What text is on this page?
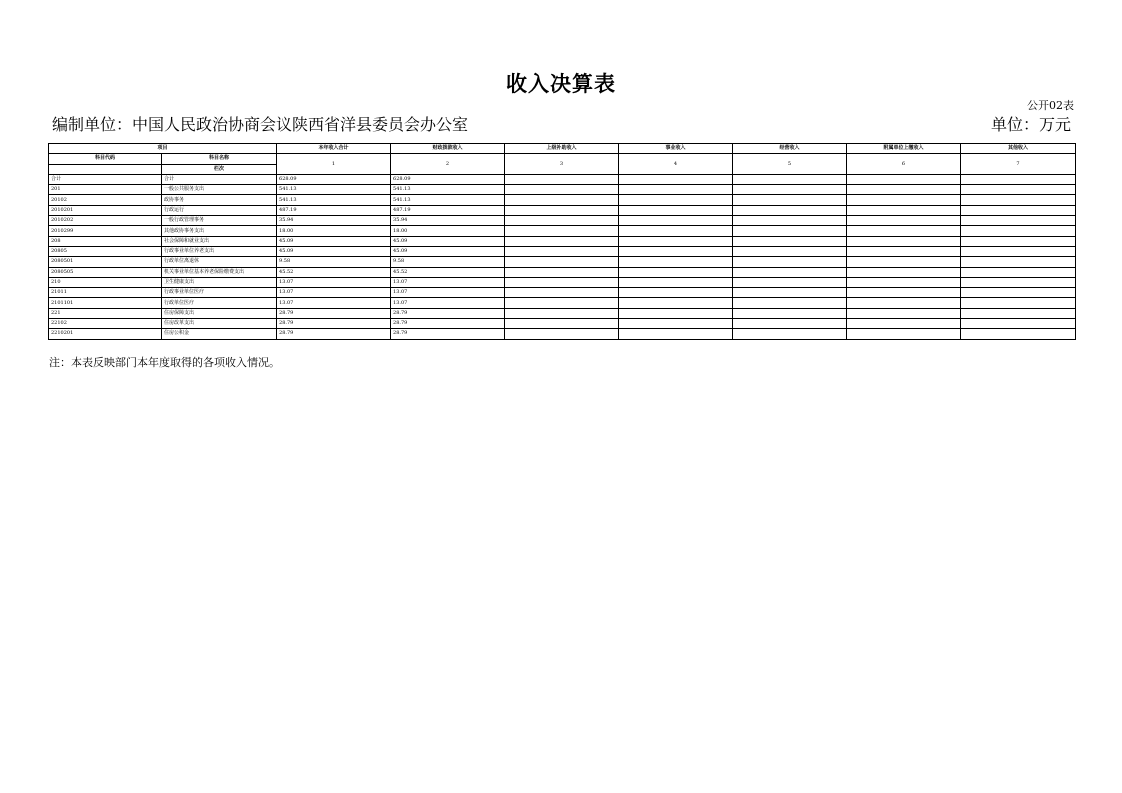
收入决算表
公开02表
编制单位：中国人民政治协商会议陕西省洋县委员会办公室	单位：万元
项目		本年收入合计	财政拨款收入	上级补助收入	事业收入	经营收入	附属单位上缴收入	其他收入
科目代码	科目名称	1	2	3	4	5	6	7
	栏次							
合计	合计	628.09	628.09					
201	一般公共服务支出	541.13	541.13					
20102	政协事务	541.13	541.13					
2010201	行政运行	487.19	487.19					
2010202	一般行政管理事务	35.94	35.94					
2010299	其他政协事务支出	18.00	18.00					
208	社会保障和就业支出	45.09	45.09					
20805	行政事业单位养老支出	45.09	45.09					
2080501	行政单位离退休	9.58	9.58					
2080505	机关事业单位基本养老保险缴费支出	45.52	45.52					
210	卫生健康支出	13.07	13.07					
21011	行政事业单位医疗	13.07	13.07					
2101101	行政单位医疗	13.07	13.07					
221	住房保障支出	28.79	28.79					
22102	住房改革支出	28.79	28.79					
2210201	住房公积金	28.79	28.79					
注：本表反映部门本年度取得的各项收入情况。
